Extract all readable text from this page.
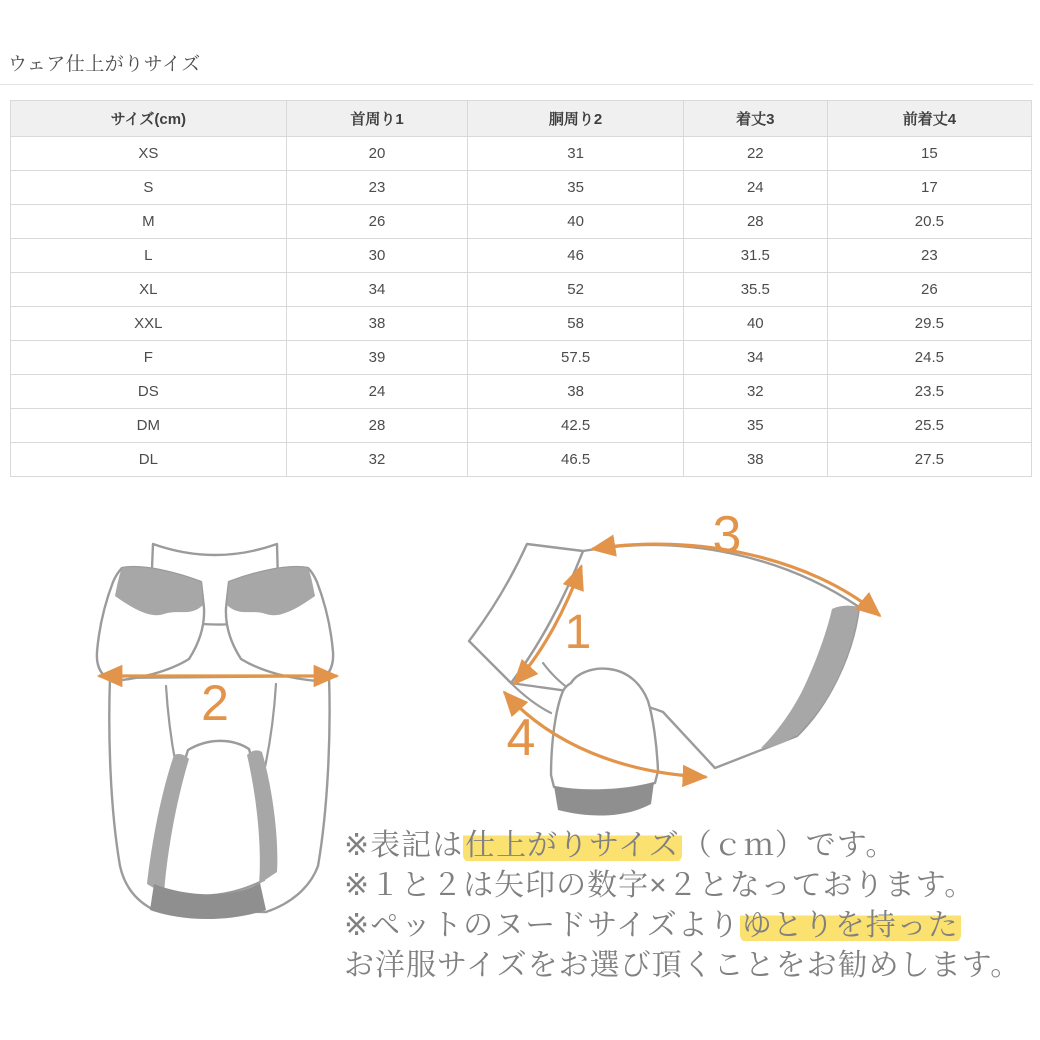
ウェア仕上がりサイズ
サイズ(cm)	首周り1	胴周り2	着丈3	前着丈4
XS	20	31	22	15
S	23	35	24	17
M	26	40	28	20.5
L	30	46	31.5	23
XL	34	52	35.5	26
XXL	38	58	40	29.5
F	39	57.5	34	24.5
DS	24	38	32	23.5
DM	28	42.5	35	25.5
DL	32	46.5	38	27.5
2
1
3
4
※表記は仕上がりサイズ（ｃｍ）です。
※１と２は矢印の数字×２となっております。
※ペットのヌードサイズよりゆとりを持った
お洋服サイズをお選び頂くことをお勧めします。
